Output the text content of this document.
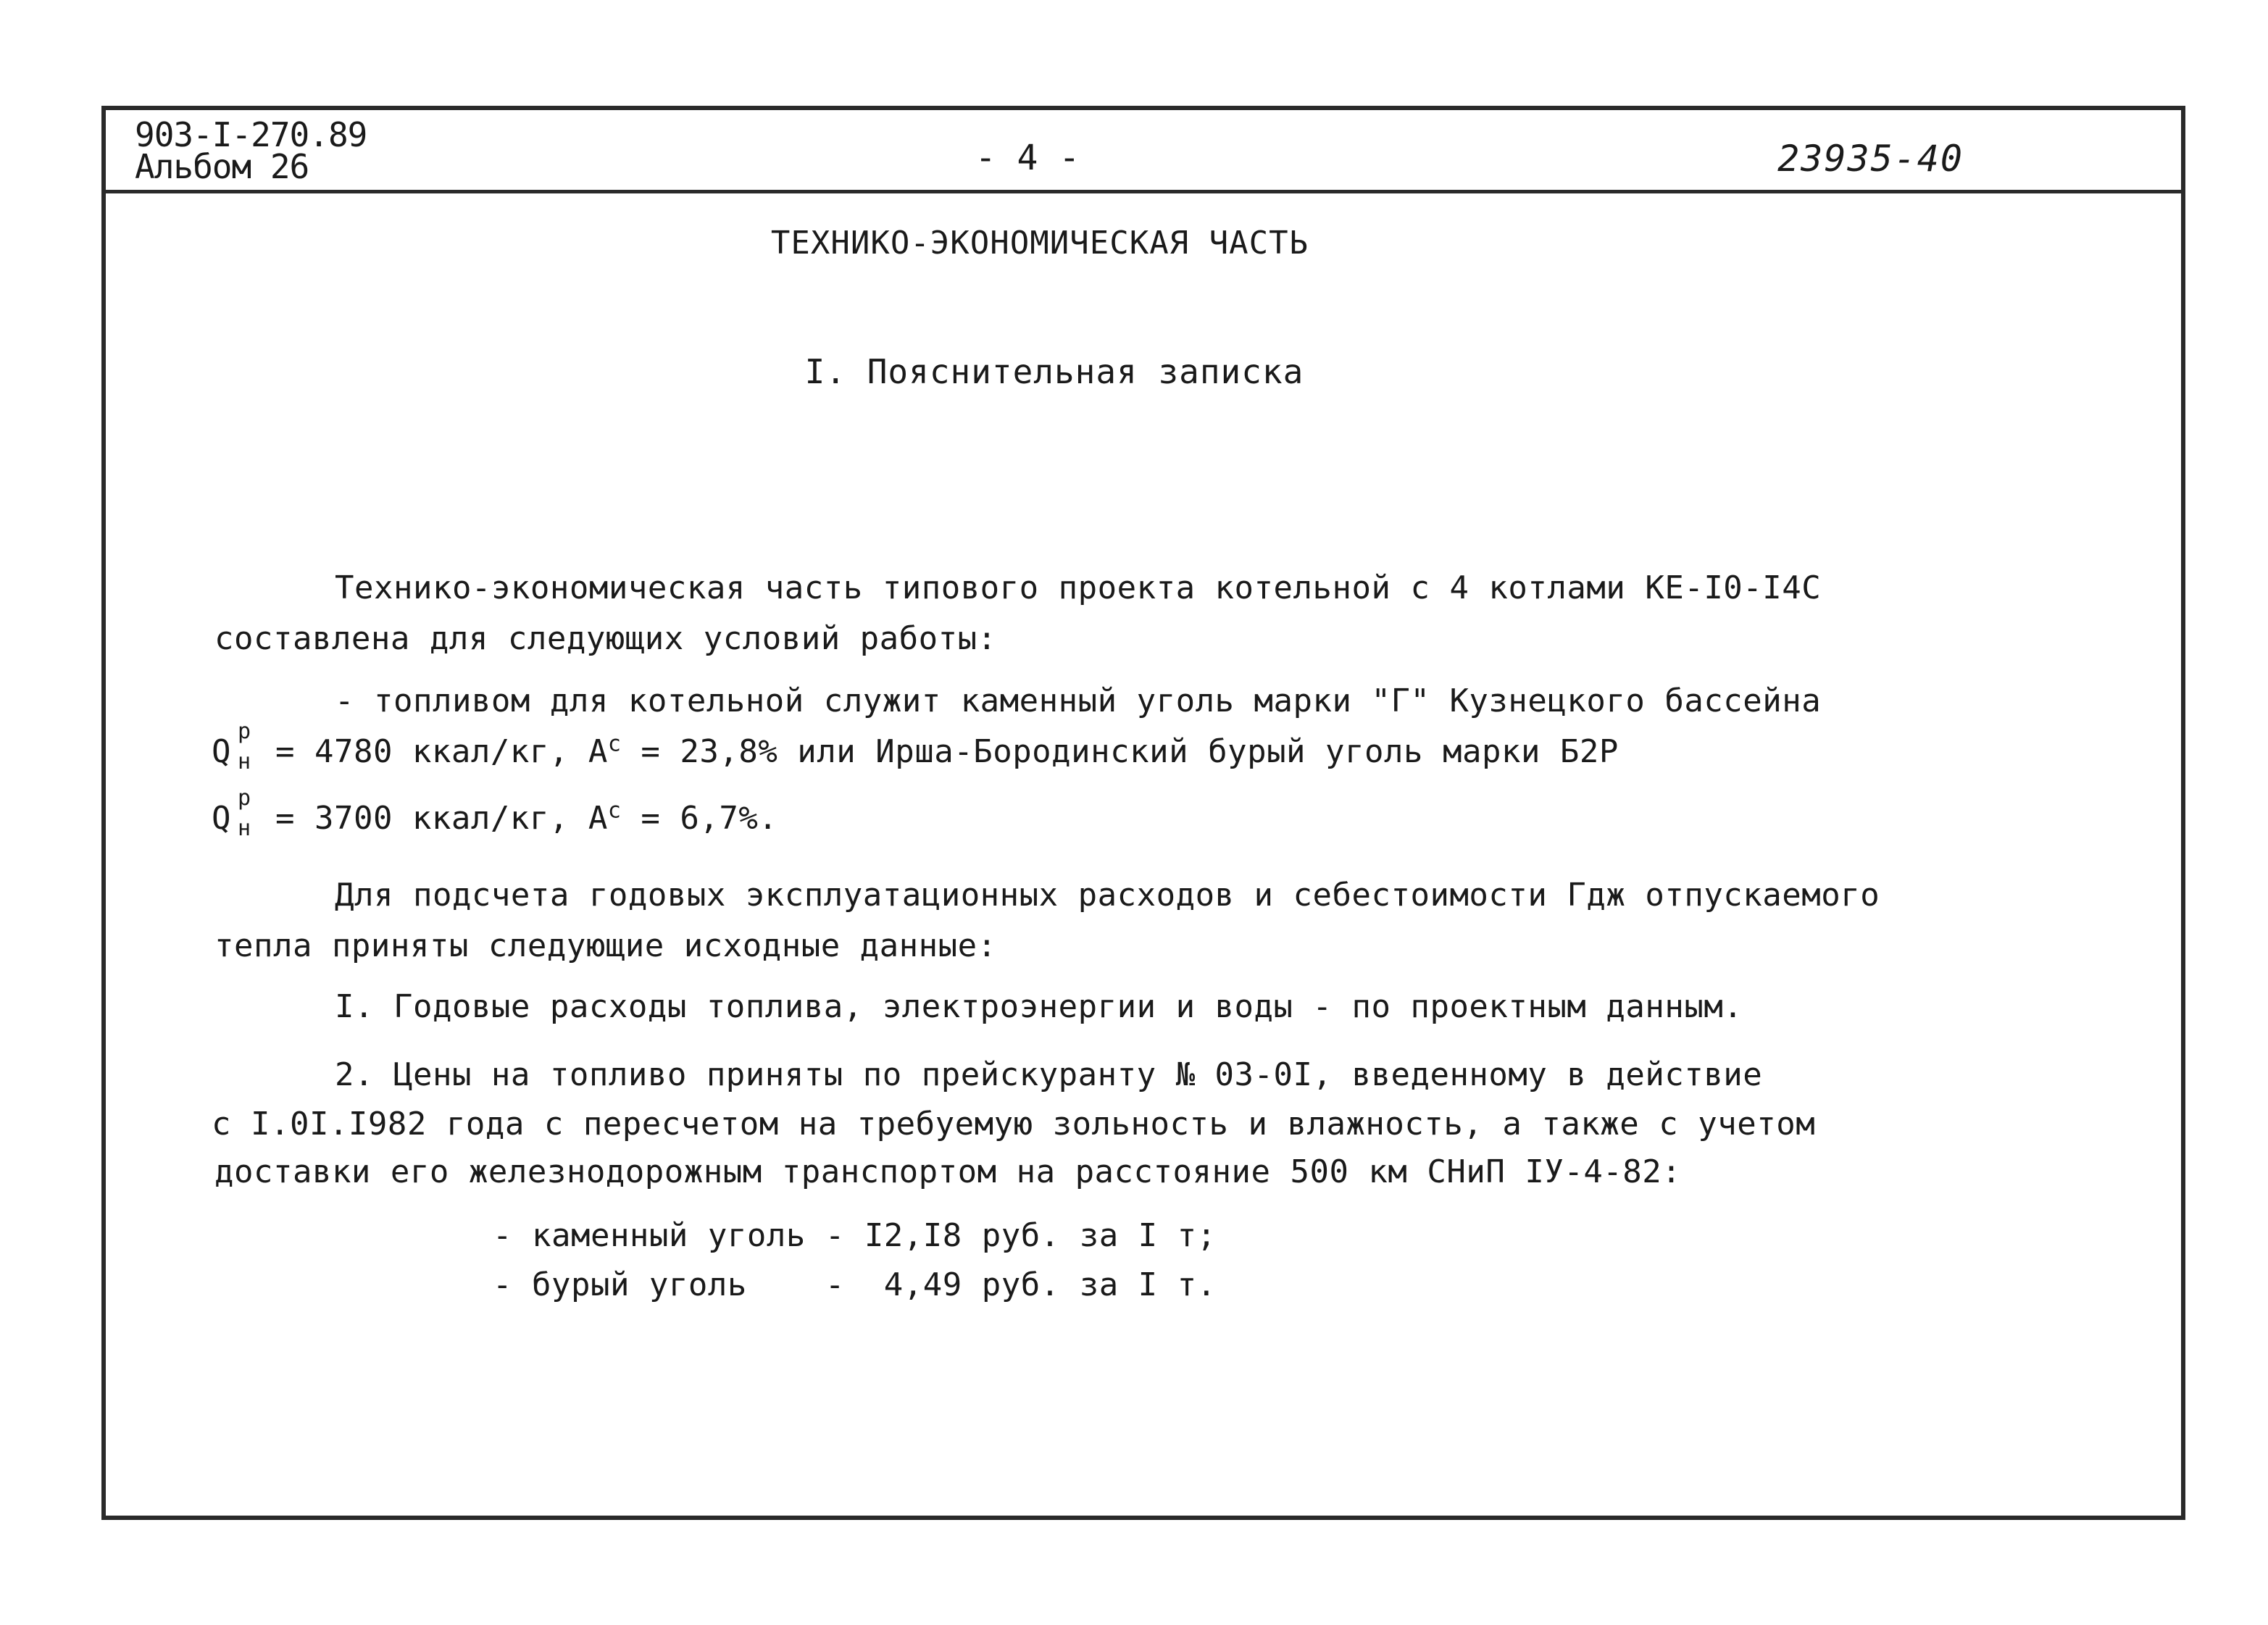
903-I-270.89
Альбом 26	- 4 -	23935-40
ТЕХНИКО-ЭКОНОМИЧЕСКАЯ ЧАСТЬ
I. Пояснительная записка
Технико-экономическая часть типового проекта котельной с 4 котлами КЕ-I0-I4C
составлена для следующих условий работы:
- топливом для котельной служит каменный уголь марки "Г" Кузнецкого бассейна
Q
p
н = 4780 ккал/кг, $A^c = 23,8\%$ или Ирша-Бородинский бурый уголь марки Б2Р
Q
p
н = 3700 ккал/кг, $A^c = 6,7\%$.
Для подсчета годовых эксплуатационных расходов и себестоимости Гдж отпускаемого
тепла приняты следующие исходные данные:
I. Годовые расходы топлива, электроэнергии и воды - по проектным данным.
2. Цены на топливо приняты по прейскуранту № 03-0I, введенному в действие
с I.0I.I982 года с пересчетом на требуемую зольность и влажность, а также с учетом
доставки его железнодорожным транспортом на расстояние 500 км СНиП IУ-4-82:
- каменный уголь - I2,I8 руб. за I т;
- бурый уголь    -  4,49 руб. за I т.
